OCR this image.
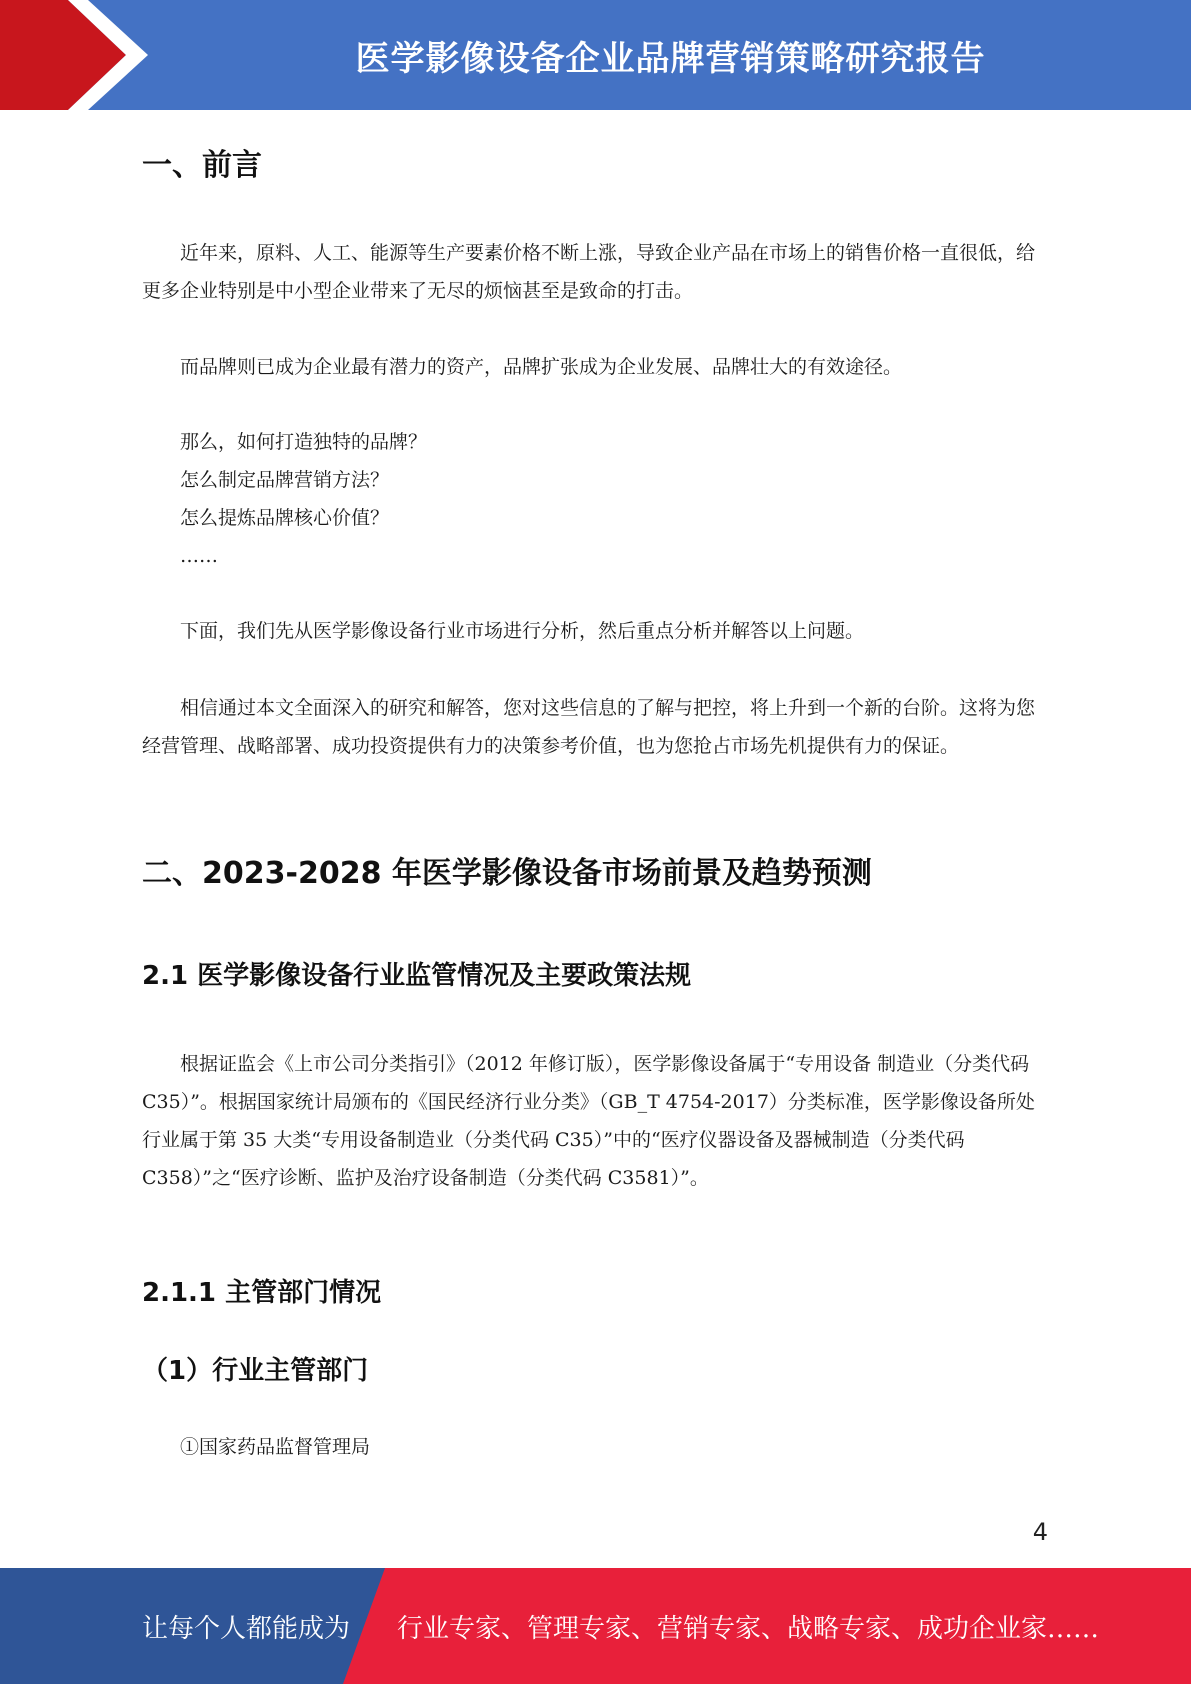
医学影像设备企业品牌营销策略研究报告
一、前言

近年来，原料、人工、能源等生产要素价格不断上涨，导致企业产品在市场上的销售价格一直很低，给更多企业特别是中小型企业带来了无尽的烦恼甚至是致命的打击。

而品牌则已成为企业最有潜力的资产，品牌扩张成为企业发展、品牌壮大的有效途径。

那么，如何打造独特的品牌？
怎么制定品牌营销方法？
怎么提炼品牌核心价值？
……

下面，我们先从医学影像设备行业市场进行分析，然后重点分析并解答以上问题。

相信通过本文全面深入的研究和解答，您对这些信息的了解与把控，将上升到一个新的台阶。这将为您经营管理、战略部署、成功投资提供有力的决策参考价值，也为您抢占市场先机提供有力的保证。

二、2023-2028 年医学影像设备市场前景及趋势预测
2.1 医学影像设备行业监管情况及主要政策法规

根据证监会《上市公司分类指引》（2012 年修订版），医学影像设备属于“专用设备 制造业（分类代码 C35）”。根据国家统计局颁布的《国民经济行业分类》（GB_T 4754-2017）分类标准，医学影像设备所处行业属于第 35 大类“专用设备制造业（分类代码 C35）”中的“医疗仪器设备及器械制造（分类代码 C358）”之“医疗诊断、监护及治疗设备制造（分类代码 C3581）”。

2.1.1 主管部门情况
（1）行业主管部门
①国家药品监督管理局
4
让每个人都能成为 行业专家、管理专家、营销专家、战略专家、成功企业家……
